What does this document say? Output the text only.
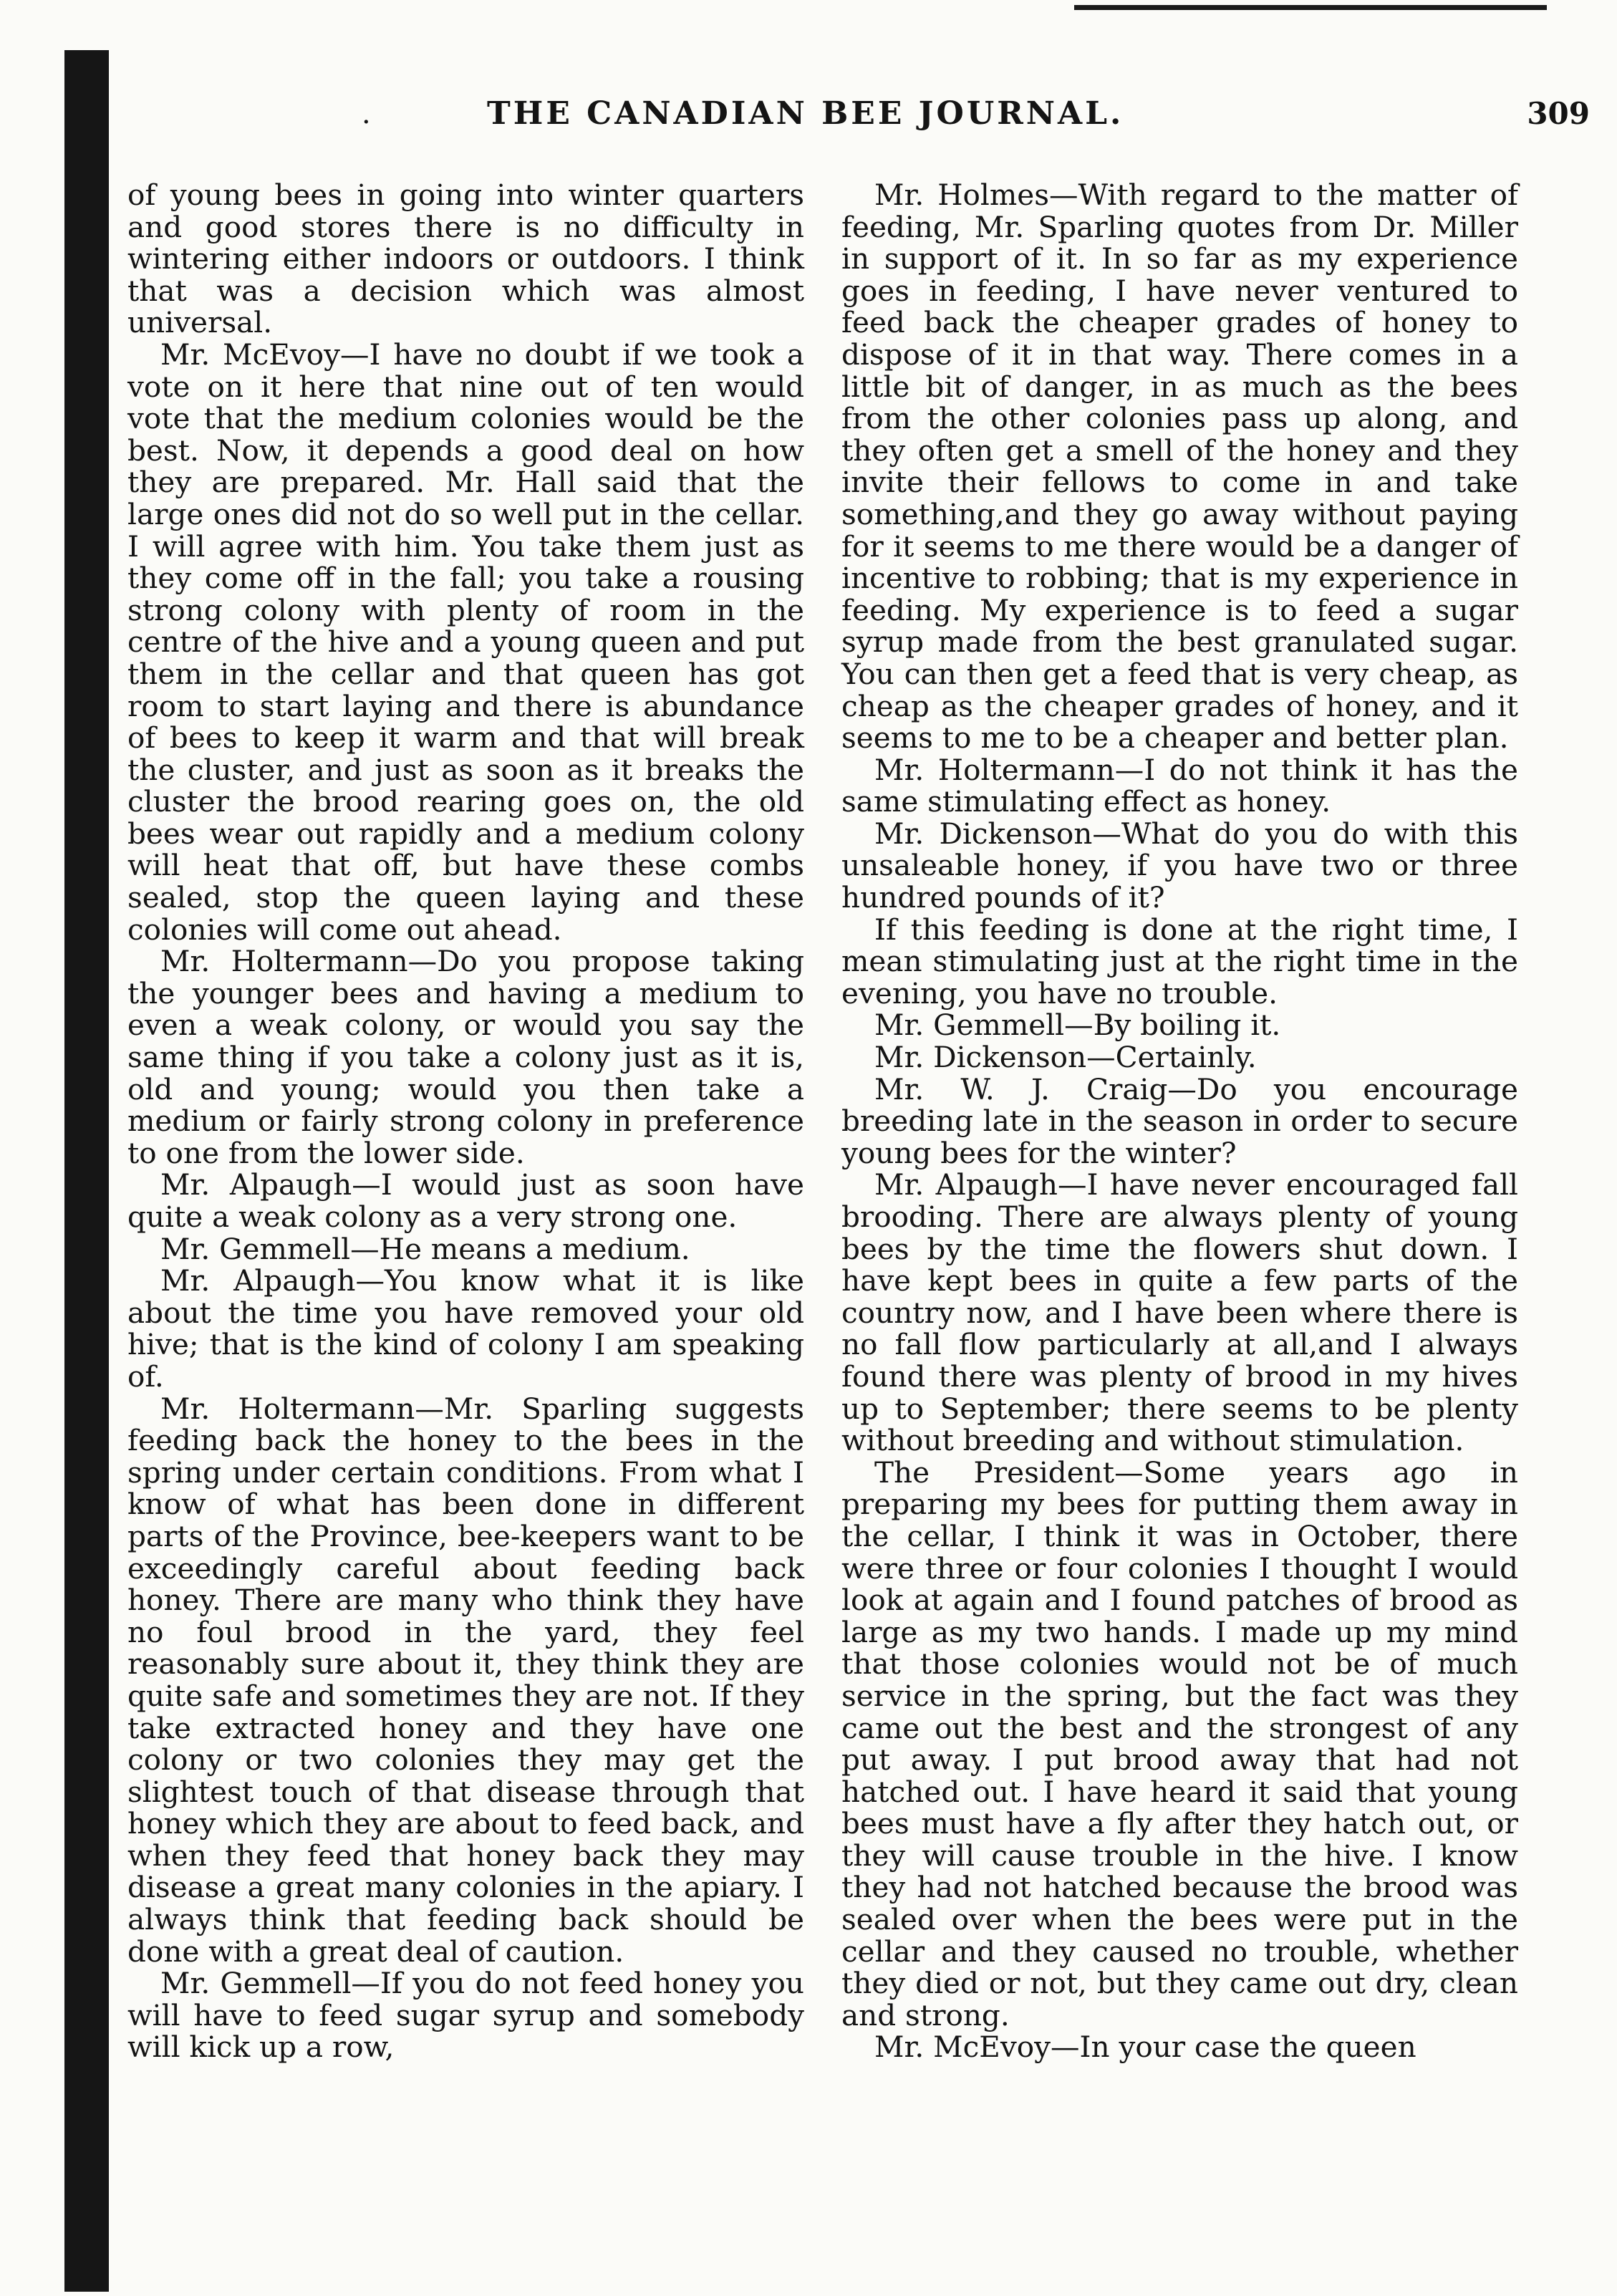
·	THE CANADIAN BEE JOURNAL.	309

of young bees in going into winter quarters and good stores there is no difficulty in wintering either indoors or outdoors. I think that was a decision which was almost universal.

Mr. McEvoy—I have no doubt if we took a vote on it here that nine out of ten would vote that the medium colonies would be the best. Now, it depends a good deal on how they are prepared. Mr. Hall said that the large ones did not do so well put in the cellar. I will agree with him. You take them just as they come off in the fall; you take a rousing strong colony with plenty of room in the centre of the hive and a young queen and put them in the cellar and that queen has got room to start laying and there is abundance of bees to keep it warm and that will break the cluster, and just as soon as it breaks the cluster the brood rearing goes on, the old bees wear out rapidly and a medium colony will heat that off, but have these combs sealed, stop the queen laying and these colonies will come out ahead.

Mr. Holtermann—Do you propose taking the younger bees and having a medium to even a weak colony, or would you say the same thing if you take a colony just as it is, old and young; would you then take a medium or fairly strong colony in preference to one from the lower side.

Mr. Alpaugh—I would just as soon have quite a weak colony as a very strong one.

Mr. Gemmell—He means a medium.

Mr. Alpaugh—You know what it is like about the time you have removed your old hive; that is the kind of colony I am speaking of.

Mr. Holtermann—Mr. Sparling suggests feeding back the honey to the bees in the spring under certain conditions. From what I know of what has been done in different parts of the Province, bee-keepers want to be exceedingly careful about feeding back honey. There are many who think they have no foul brood in the yard, they feel reasonably sure about it, they think they are quite safe and sometimes they are not. If they take extracted honey and they have one colony or two colonies they may get the slightest touch of that disease through that honey which they are about to feed back, and when they feed that honey back they may disease a great many colonies in the apiary. I always think that feeding back should be done with a great deal of caution.

Mr. Gemmell—If you do not feed honey you will have to feed sugar syrup and somebody will kick up a row,

Mr. Holmes—With regard to the matter of feeding, Mr. Sparling quotes from Dr. Miller in support of it. In so far as my experience goes in feeding, I have never ventured to feed back the cheaper grades of honey to dispose of it in that way. There comes in a little bit of danger, in as much as the bees from the other colonies pass up along, and they often get a smell of the honey and they invite their fellows to come in and take something,and they go away without paying for it seems to me there would be a danger of incentive to robbing; that is my experience in feeding. My experience is to feed a sugar syrup made from the best granulated sugar. You can then get a feed that is very cheap, as cheap as the cheaper grades of honey, and it seems to me to be a cheaper and better plan.

Mr. Holtermann—I do not think it has the same stimulating effect as honey.

Mr. Dickenson—What do you do with this unsaleable honey, if you have two or three hundred pounds of it?

If this feeding is done at the right time, I mean stimulating just at the right time in the evening, you have no trouble.

Mr. Gemmell—By boiling it.

Mr. Dickenson—Certainly.

Mr. W. J. Craig—Do you encourage breeding late in the season in order to secure young bees for the winter?

Mr. Alpaugh—I have never encouraged fall brooding. There are always plenty of young bees by the time the flowers shut down. I have kept bees in quite a few parts of the country now, and I have been where there is no fall flow particularly at all,and I always found there was plenty of brood in my hives up to September; there seems to be plenty without breeding and without stimulation.

The President—Some years ago in preparing my bees for putting them away in the cellar, I think it was in October, there were three or four colonies I thought I would look at again and I found patches of brood as large as my two hands. I made up my mind that those colonies would not be of much service in the spring, but the fact was they came out the best and the strongest of any put away. I put brood away that had not hatched out. I have heard it said that young bees must have a fly after they hatch out, or they will cause trouble in the hive. I know they had not hatched because the brood was sealed over when the bees were put in the cellar and they caused no trouble, whether they died or not, but they came out dry, clean and strong.

Mr. McEvoy—In your case the queen
